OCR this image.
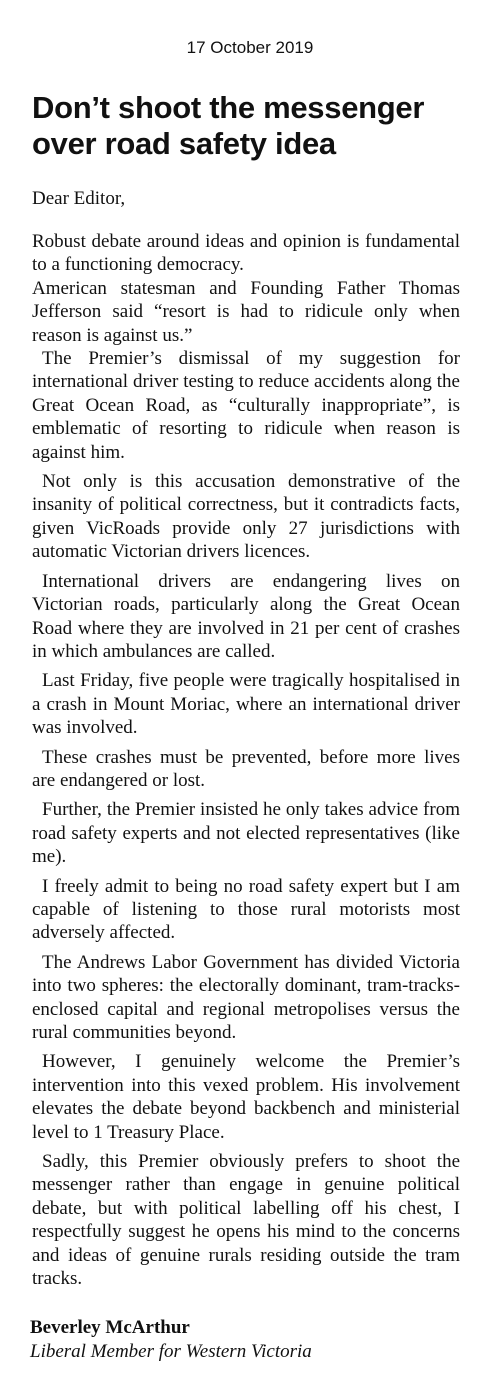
17 October 2019
Don’t shoot the messenger over road safety idea
Dear Editor,

Robust debate around ideas and opinion is fundamental to a functioning democracy.

American statesman and Founding Father Thomas Jefferson said “resort is had to ridicule only when reason is against us.”

The Premier’s dismissal of my suggestion for international driver testing to reduce accidents along the Great Ocean Road, as “culturally inappropriate”, is emblematic of resorting to ridicule when reason is against him.

Not only is this accusation demonstrative of the insanity of political correctness, but it contradicts facts, given VicRoads provide only 27 jurisdictions with automatic Victorian drivers licences.

International drivers are endangering lives on Victorian roads, particularly along the Great Ocean Road where they are involved in 21 per cent of crashes in which ambulances are called.

Last Friday, five people were tragically hospitalised in a crash in Mount Moriac, where an international driver was involved.

These crashes must be prevented, before more lives are endangered or lost.

Further, the Premier insisted he only takes advice from road safety experts and not elected representatives (like me).

I freely admit to being no road safety expert but I am capable of listening to those rural motorists most adversely affected.

The Andrews Labor Government has divided Victoria into two spheres: the electorally dominant, tram-tracks-enclosed capital and regional metropolises versus the rural communities beyond.

However, I genuinely welcome the Premier’s intervention into this vexed problem. His involvement elevates the debate beyond backbench and ministerial level to 1 Treasury Place.

Sadly, this Premier obviously prefers to shoot the messenger rather than engage in genuine political debate, but with political labelling off his chest, I respectfully suggest he opens his mind to the concerns and ideas of genuine rurals residing outside the tram tracks.

Beverley McArthur
Liberal Member for Western Victoria
